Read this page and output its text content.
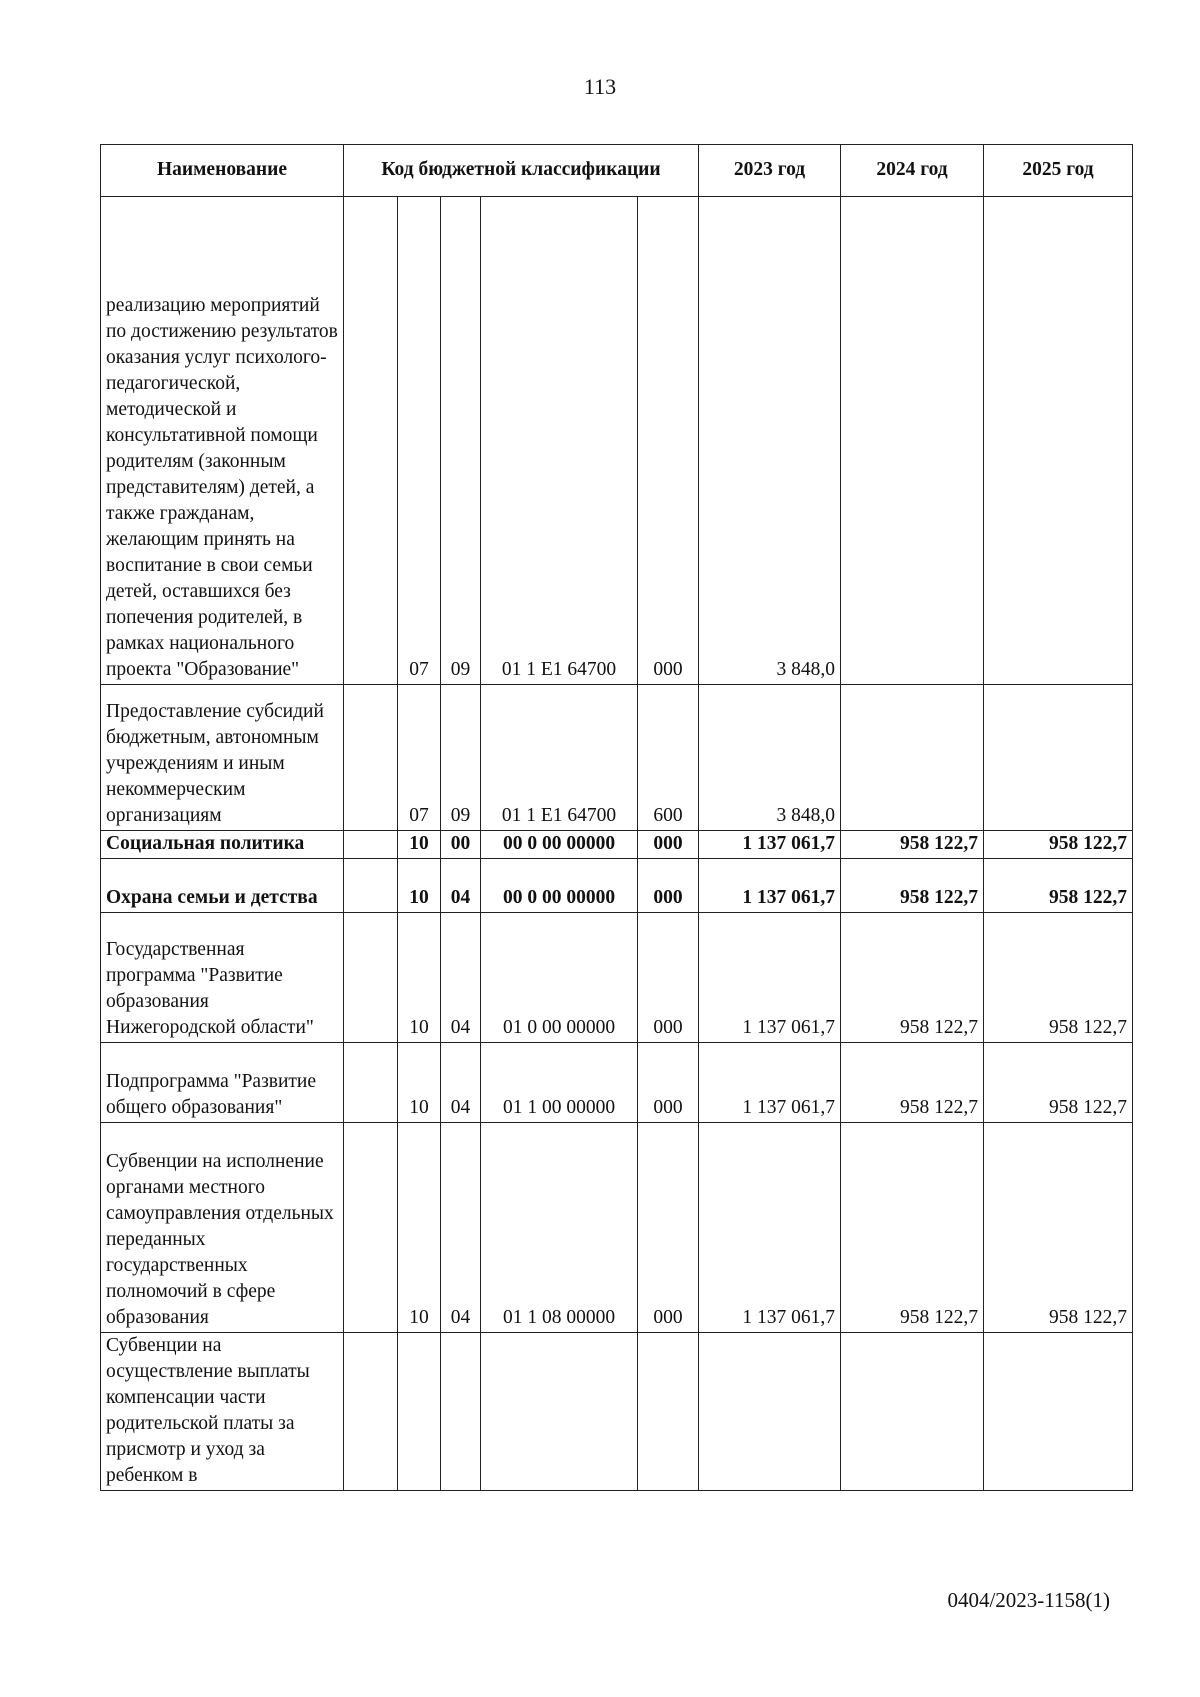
113
Наименование	Код бюджетной классификации					2023 год	2024 год	2025 год
реализацию мероприятий по достижению результатов оказания услуг психолого-педагогической, методической и консультативной помощи родителям (законным представителям) детей, а также гражданам, желающим принять на воспитание в свои семьи детей, оставшихся без попечения родителей, в рамках национального проекта "Образование"		07	09	01 1 E1 64700	000	3 848,0		
Предоставление субсидий бюджетным, автономным учреждениям и иным некоммерческим организациям		07	09	01 1 E1 64700	600	3 848,0		
Социальная политика		10	00	00 0 00 00000	000	1 137 061,7	958 122,7	958 122,7
Охрана семьи и детства		10	04	00 0 00 00000	000	1 137 061,7	958 122,7	958 122,7
Государственная программа "Развитие образования Нижегородской области"		10	04	01 0 00 00000	000	1 137 061,7	958 122,7	958 122,7
Подпрограмма "Развитие общего образования"		10	04	01 1 00 00000	000	1 137 061,7	958 122,7	958 122,7
Субвенции на исполнение органами местного самоуправления отдельных переданных государственных полномочий в сфере образования		10	04	01 1 08 00000	000	1 137 061,7	958 122,7	958 122,7
Субвенции на осуществление выплаты компенсации части родительской платы за присмотр и уход за ребенком в								
0404/2023-1158(1)
